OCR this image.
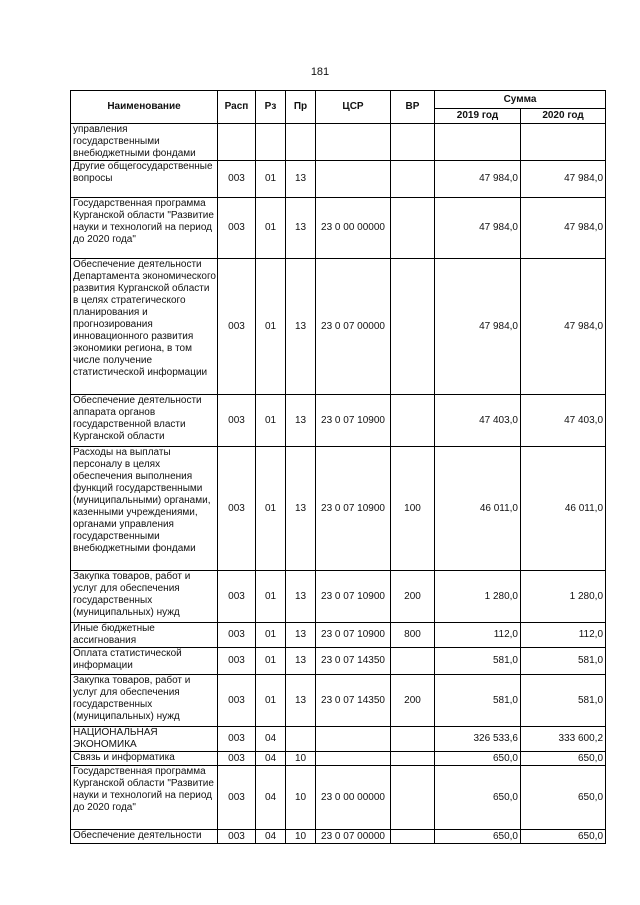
181
Наименование	Расп	Рз	Пр	ЦСР	ВР	Сумма	
						2019 год	2020 год
управления государственными внебюджетными фондами							
Другие общегосударственные вопросы	003	01	13			47 984,0	47 984,0
Государственная программа Курганской области "Развитие науки и технологий на период до 2020 года"	003	01	13	23 0 00 00000		47 984,0	47 984,0
Обеспечение деятельности Департамента экономического развития Курганской области в целях стратегического планирования и прогнозирования инновационного развития экономики региона, в том числе получение статистической информации	003	01	13	23 0 07 00000		47 984,0	47 984,0
Обеспечение деятельности аппарата органов государственной власти Курганской области	003	01	13	23 0 07 10900		47 403,0	47 403,0
Расходы на выплаты персоналу в целях обеспечения выполнения функций государственными (муниципальными) органами, казенными учреждениями, органами управления государственными внебюджетными фондами	003	01	13	23 0 07 10900	100	46 011,0	46 011,0
Закупка товаров, работ и услуг для обеспечения государственных (муниципальных) нужд	003	01	13	23 0 07 10900	200	1 280,0	1 280,0
Иные бюджетные ассигнования	003	01	13	23 0 07 10900	800	112,0	112,0
Оплата статистической информации	003	01	13	23 0 07 14350		581,0	581,0
Закупка товаров, работ и услуг для обеспечения государственных (муниципальных) нужд	003	01	13	23 0 07 14350	200	581,0	581,0
НАЦИОНАЛЬНАЯ ЭКОНОМИКА	003	04				326 533,6	333 600,2
Связь и информатика	003	04	10			650,0	650,0
Государственная программа Курганской области "Развитие науки и технологий на период до 2020 года"	003	04	10	23 0 00 00000		650,0	650,0
Обеспечение деятельности	003	04	10	23 0 07 00000		650,0	650,0
